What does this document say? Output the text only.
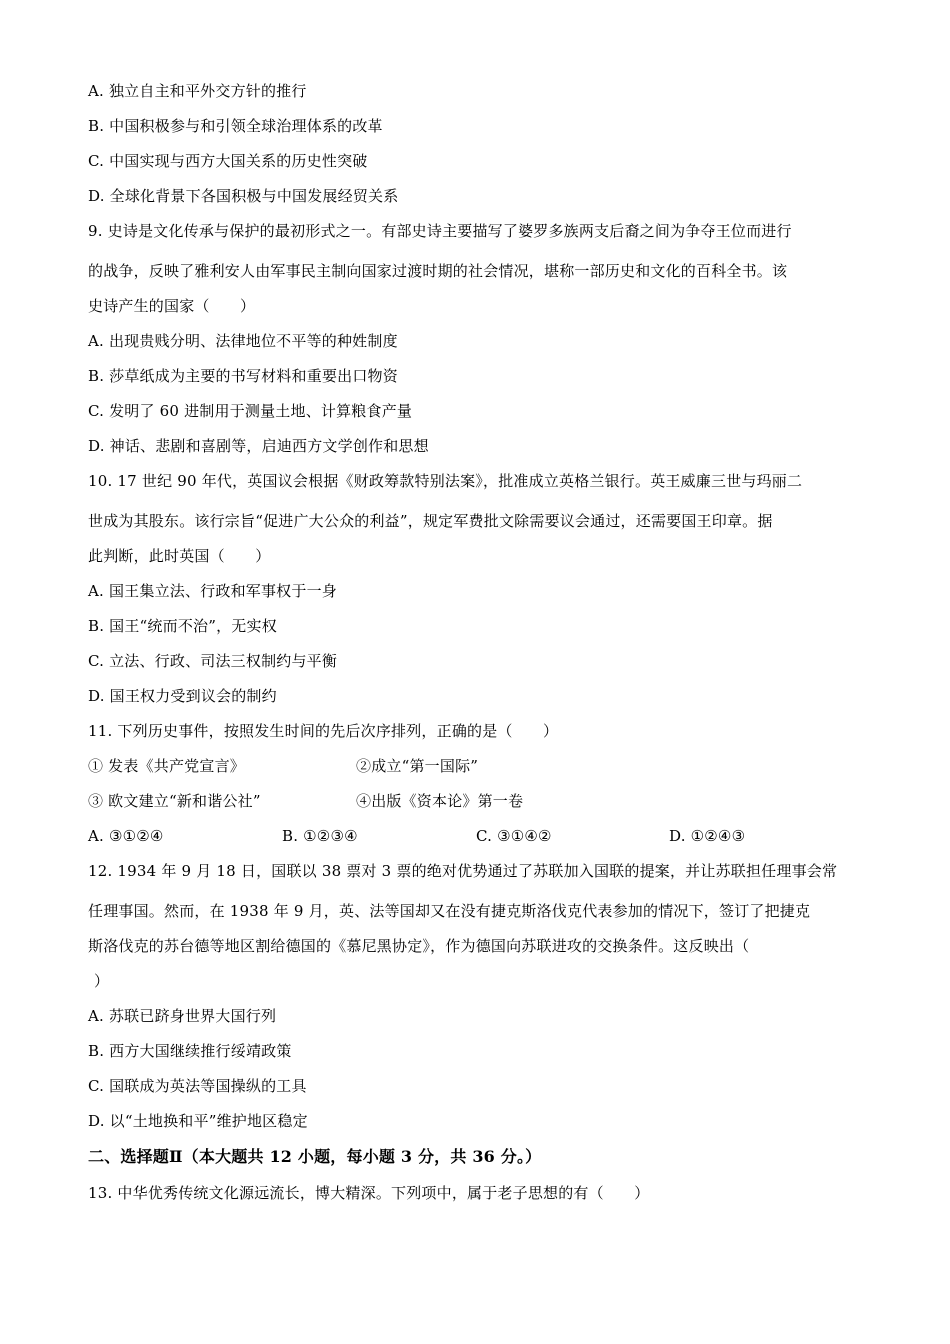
A. 独立自主和平外交方针的推行
B. 中国积极参与和引领全球治理体系的改革
C. 中国实现与西方大国关系的历史性突破
D. 全球化背景下各国积极与中国发展经贸关系
9. 史诗是文化传承与保护的最初形式之一。有部史诗主要描写了婆罗多族两支后裔之间为争夺王位而进行
的战争，反映了雅利安人由军事民主制向国家过渡时期的社会情况，堪称一部历史和文化的百科全书。该
史诗产生的国家（　　）
A. 出现贵贱分明、法律地位不平等的种姓制度
B. 莎草纸成为主要的书写材料和重要出口物资
C. 发明了 60 进制用于测量土地、计算粮食产量
D. 神话、悲剧和喜剧等，启迪西方文学创作和思想
10. 17 世纪 90 年代，英国议会根据《财政筹款特别法案》，批准成立英格兰银行。英王威廉三世与玛丽二
世成为其股东。该行宗旨“促进广大公众的利益”，规定军费批文除需要议会通过，还需要国王印章。据
此判断，此时英国（　　）
A. 国王集立法、行政和军事权于一身
B. 国王“统而不治”，无实权
C. 立法、行政、司法三权制约与平衡
D. 国王权力受到议会的制约
11. 下列历史事件，按照发生时间的先后次序排列，正确的是（　　）
① 发表《共产党宣言》	②成立“第一国际”
③ 欧文建立“新和谐公社”	④出版《资本论》第一卷
A. ③①②④	B. ①②③④	C. ③①④②	D. ①②④③
12. 1934 年 9 月 18 日，国联以 38 票对 3 票的绝对优势通过了苏联加入国联的提案，并让苏联担任理事会常
任理事国。然而，在 1938 年 9 月，英、法等国却又在没有捷克斯洛伐克代表参加的情况下，签订了把捷克
斯洛伐克的苏台德等地区割给德国的《慕尼黑协定》，作为德国向苏联进攻的交换条件。这反映出（
）
A. 苏联已跻身世界大国行列
B. 西方大国继续推行绥靖政策
C. 国联成为英法等国操纵的工具
D. 以“土地换和平”维护地区稳定
二、选择题Ⅱ（本大题共 12 小题，每小题 3 分，共 36 分。）
13. 中华优秀传统文化源远流长，博大精深。下列项中，属于老子思想的有（　　）
